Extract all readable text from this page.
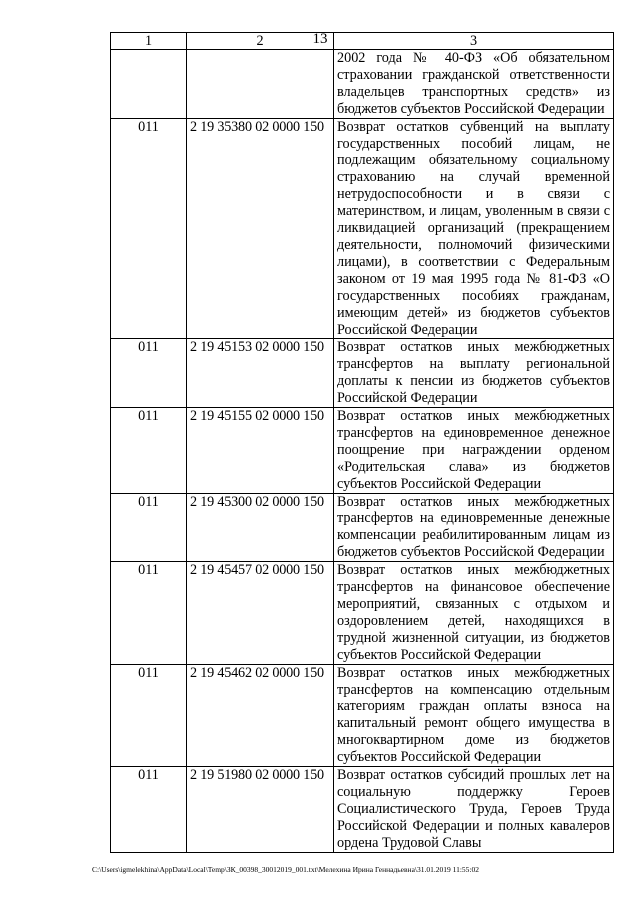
13
1	2	3
		2002 года № 40-ФЗ «Об обязательном страховании гражданской ответственности владельцев транспортных средств» из бюджетов субъектов Российской Федерации
011	2 19 35380 02 0000 150	Возврат остатков субвенций на выплату государственных пособий лицам, не подлежащим обязательному социальному страхованию на случай временной нетрудоспособности и в связи с материнством, и лицам, уволенным в связи с ликвидацией организаций (прекращением деятельности, полномочий физическими лицами), в соответствии с Федеральным законом от 19 мая 1995 года № 81-ФЗ «О государственных пособиях гражданам, имеющим детей» из бюджетов субъектов Российской Федерации
011	2 19 45153 02 0000 150	Возврат остатков иных межбюджетных трансфертов на выплату региональной доплаты к пенсии из бюджетов субъектов Российской Федерации
011	2 19 45155 02 0000 150	Возврат остатков иных межбюджетных трансфертов на единовременное денежное поощрение при награждении орденом «Родительская слава» из бюджетов субъектов Российской Федерации
011	2 19 45300 02 0000 150	Возврат остатков иных межбюджетных трансфертов на единовременные денежные компенсации реабилитированным лицам из бюджетов субъектов Российской Федерации
011	2 19 45457 02 0000 150	Возврат остатков иных межбюджетных трансфертов на финансовое обеспечение мероприятий, связанных с отдыхом и оздоровлением детей, находящихся в трудной жизненной ситуации, из бюджетов субъектов Российской Федерации
011	2 19 45462 02 0000 150	Возврат остатков иных межбюджетных трансфертов на компенсацию отдельным категориям граждан оплаты взноса на капитальный ремонт общего имущества в многоквартирном доме из бюджетов субъектов Российской Федерации
011	2 19 51980 02 0000 150	Возврат остатков субсидий прошлых лет на социальную поддержку Героев Социалистического Труда, Героев Труда Российской Федерации и полных кавалеров ордена Трудовой Славы
C:\Users\igmelekhina\AppData\Local\Temp\ЗК_00398_30012019_001.txt\Мелехина Ирина Геннадьевна\31.01.2019 11:55:02
